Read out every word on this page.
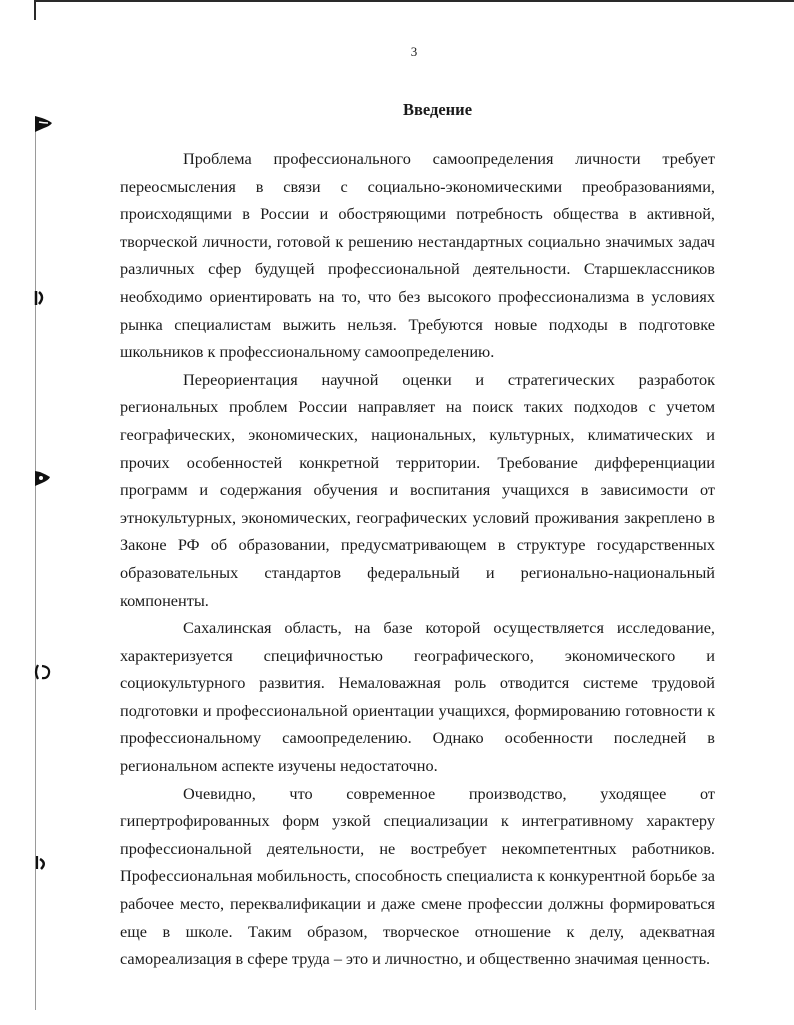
3
Введение

Проблема профессионального самоопределения личности требует переосмысления в связи с социально-экономическими преобразованиями, происходящими в России и обостряющими потребность общества в активной, творческой личности, готовой к решению нестандартных социально значимых задач различных сфер будущей профессиональной деятельности. Старшеклассников необходимо ориентировать на то, что без высокого профессионализма в условиях рынка специалистам выжить нельзя. Требуются новые подходы в подготовке школьников к профессиональному самоопределению.

Переориентация научной оценки и стратегических разработок региональных проблем России направляет на поиск таких подходов с учетом географических, экономических, национальных, культурных, климатических и прочих особенностей конкретной территории. Требование дифференциации программ и содержания обучения и воспитания учащихся в зависимости от этнокультурных, экономических, географических условий проживания закреплено в Законе РФ об образовании, предусматривающем в структуре государственных образовательных стандартов федеральный и регионально-национальный компоненты.

Сахалинская область, на базе которой осуществляется исследование, характеризуется специфичностью географического, экономического и социокультурного развития. Немаловажная роль отводится системе трудовой подготовки и профессиональной ориентации учащихся, формированию готовности к профессиональному самоопределению. Однако особенности последней в региональном аспекте изучены недостаточно.

Очевидно, что современное производство, уходящее от гипертрофированных форм узкой специализации к интегративному характеру профессиональной деятельности, не востребует некомпетентных работников. Профессиональная мобильность, способность специалиста к конкурентной борьбе за рабочее место, переквалификации и даже смене профессии должны формироваться еще в школе. Таким образом, творческое отношение к делу, адекватная самореализация в сфере труда – это и личностно, и общественно значимая ценность.
